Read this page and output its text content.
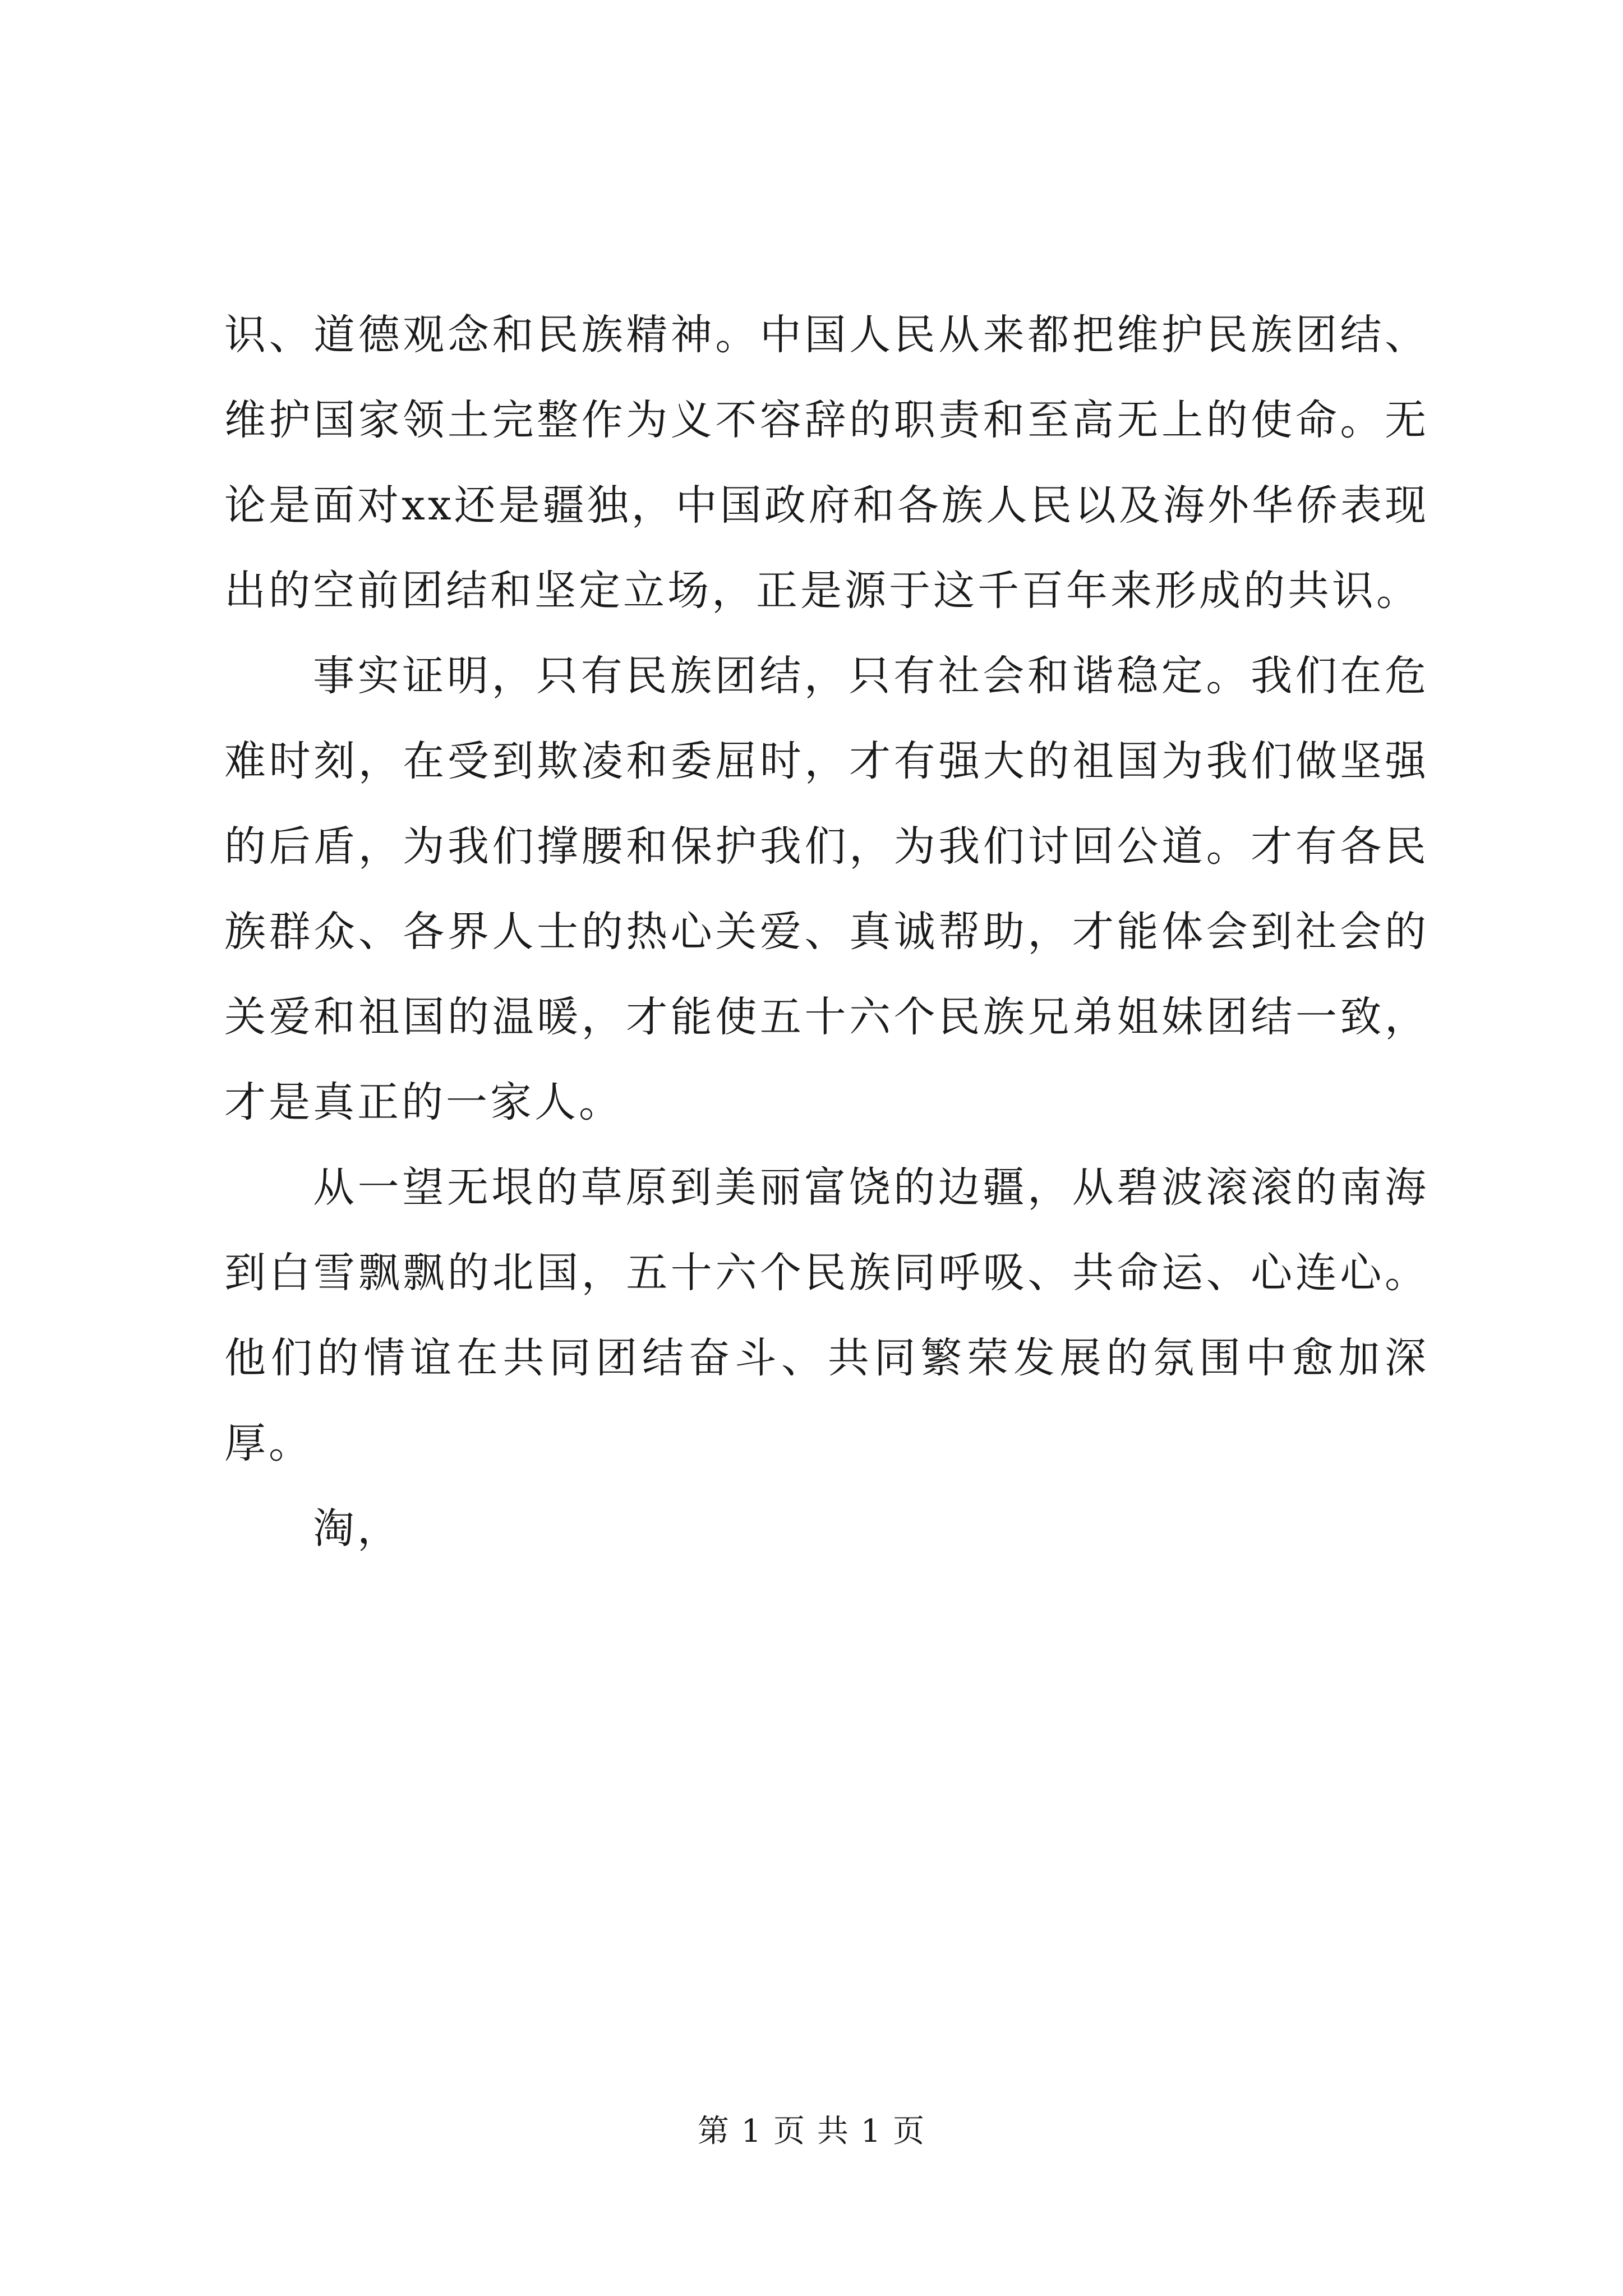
识、道德观念和民族精神。中国人民从来都把维护民族团结、维护国家领土完整作为义不容辞的职责和至高无上的使命。无论是面对xx还是疆独，中国政府和各族人民以及海外华侨表现出的空前团结和坚定立场，正是源于这千百年来形成的共识。

事实证明，只有民族团结，只有社会和谐稳定。我们在危难时刻，在受到欺凌和委屈时，才有强大的祖国为我们做坚强的后盾，为我们撑腰和保护我们，为我们讨回公道。才有各民族群众、各界人士的热心关爱、真诚帮助，才能体会到社会的关爱和祖国的温暖，才能使五十六个民族兄弟姐妹团结一致，才是真正的一家人。

从一望无垠的草原到美丽富饶的边疆，从碧波滚滚的南海到白雪飘飘的北国，五十六个民族同呼吸、共命运、心连心。他们的情谊在共同团结奋斗、共同繁荣发展的氛围中愈加深厚。

淘，

第 1 页 共 1 页
